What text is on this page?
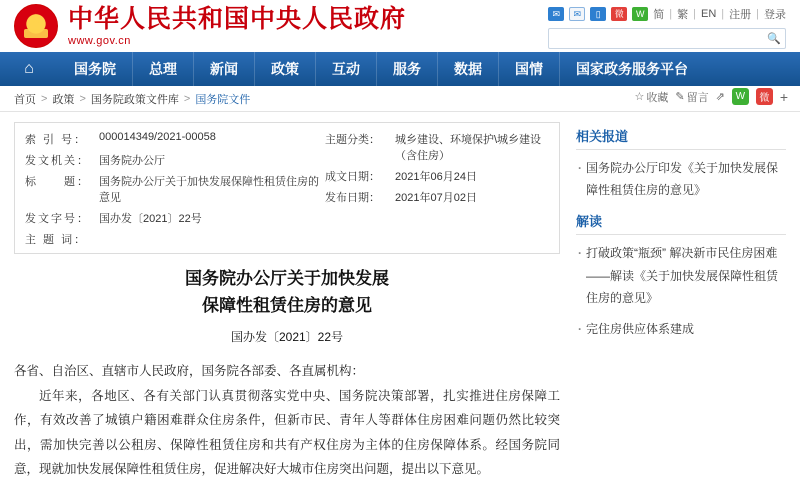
★
中华人民共和国中央人民政府
www.gov.cn
✉	✉	▯	微	W 简 | 繁 | EN | 注册 | 登录
🔍
⌂	国务院	总理	新闻	政策	互动	服务	数据	国情	国家政务服务平台
首页 > 政策 > 国务院政策文件库 > 国务院文件	☆ 收藏 ✎ 留言 ⇗	W	微 +
索 引 号：	000014349/2021-00058
发文机关： 国务院办公厅
标　　题： 国务院办公厅关于加快发展保障性租赁住房的意见
发文字号： 国办发〔2021〕22号
主 题 词：
主题分类：	城乡建设、环境保护\城乡建设（含住房）
成文日期：	2021年06月24日
发布日期：	2021年07月02日
国务院办公厅关于加快发展
保障性租赁住房的意见
国办发〔2021〕22号
各省、自治区、直辖市人民政府，国务院各部委、各直属机构：
近年来，各地区、各有关部门认真贯彻落实党中央、国务院决策部署，扎实推进住房保障工作，有效改善了城镇户籍困难群众住房条件，但新市民、青年人等群体住房困难问题仍然比较突出，需加快完善以公租房、保障性租赁住房和共有产权住房为主体的住房保障体系。经国务院同意，现就加快发展保障性租赁住房，促进解决好大城市住房突出问题，提出以下意见。
相关报道
· 国务院办公厅印发《关于加快发展保障性租赁住房的意见》
解读
· 打破政策“瓶颈” 解决新市民住房困难——解读《关于加快发展保障性租赁住房的意见》
· 完住房供应体系建成
